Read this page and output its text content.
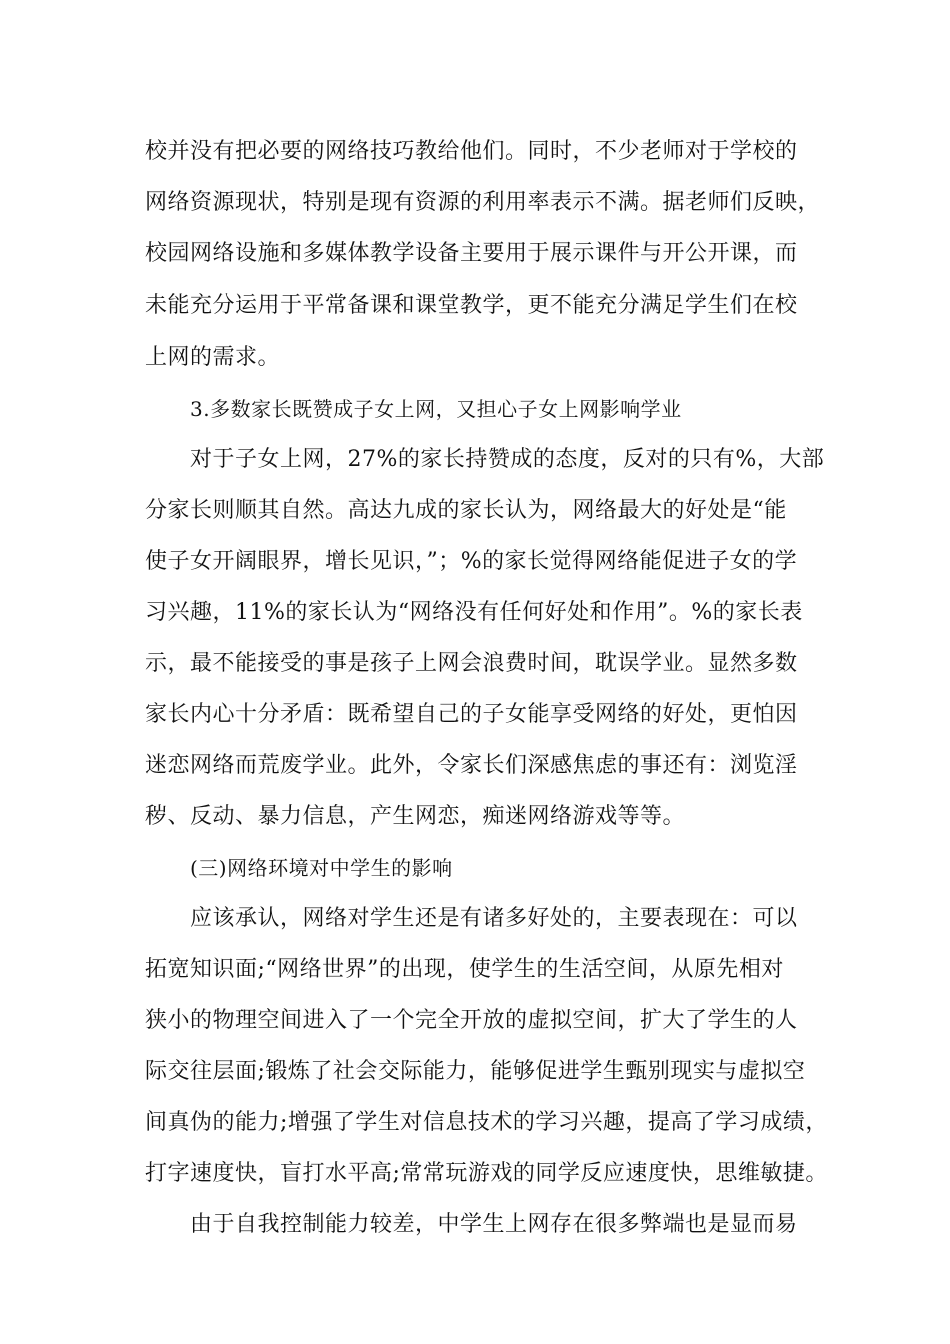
校并没有把必要的网络技巧教给他们。同时，不少老师对于学校的
网络资源现状，特别是现有资源的利用率表示不满。据老师们反映，
校园网络设施和多媒体教学设备主要用于展示课件与开公开课，而
未能充分运用于平常备课和课堂教学，更不能充分满足学生们在校
上网的需求。
3.多数家长既赞成子女上网，又担心子女上网影响学业
对于子女上网，27%的家长持赞成的态度，反对的只有%，大部
分家长则顺其自然。高达九成的家长认为，网络最大的好处是“能
使子女开阔眼界，增长见识，”；%的家长觉得网络能促进子女的学
习兴趣，11%的家长认为“网络没有任何好处和作用”。%的家长表
示，最不能接受的事是孩子上网会浪费时间，耽误学业。显然多数
家长内心十分矛盾：既希望自己的子女能享受网络的好处，更怕因
迷恋网络而荒废学业。此外，令家长们深感焦虑的事还有：浏览淫
秽、反动、暴力信息，产生网恋，痴迷网络游戏等等。
(三)网络环境对中学生的影响
应该承认，网络对学生还是有诸多好处的，主要表现在：可以
拓宽知识面;“网络世界”的出现，使学生的生活空间，从原先相对
狭小的物理空间进入了一个完全开放的虚拟空间，扩大了学生的人
际交往层面;锻炼了社会交际能力，能够促进学生甄别现实与虚拟空
间真伪的能力;增强了学生对信息技术的学习兴趣，提高了学习成绩，
打字速度快，盲打水平高;常常玩游戏的同学反应速度快，思维敏捷。
由于自我控制能力较差，中学生上网存在很多弊端也是显而易
